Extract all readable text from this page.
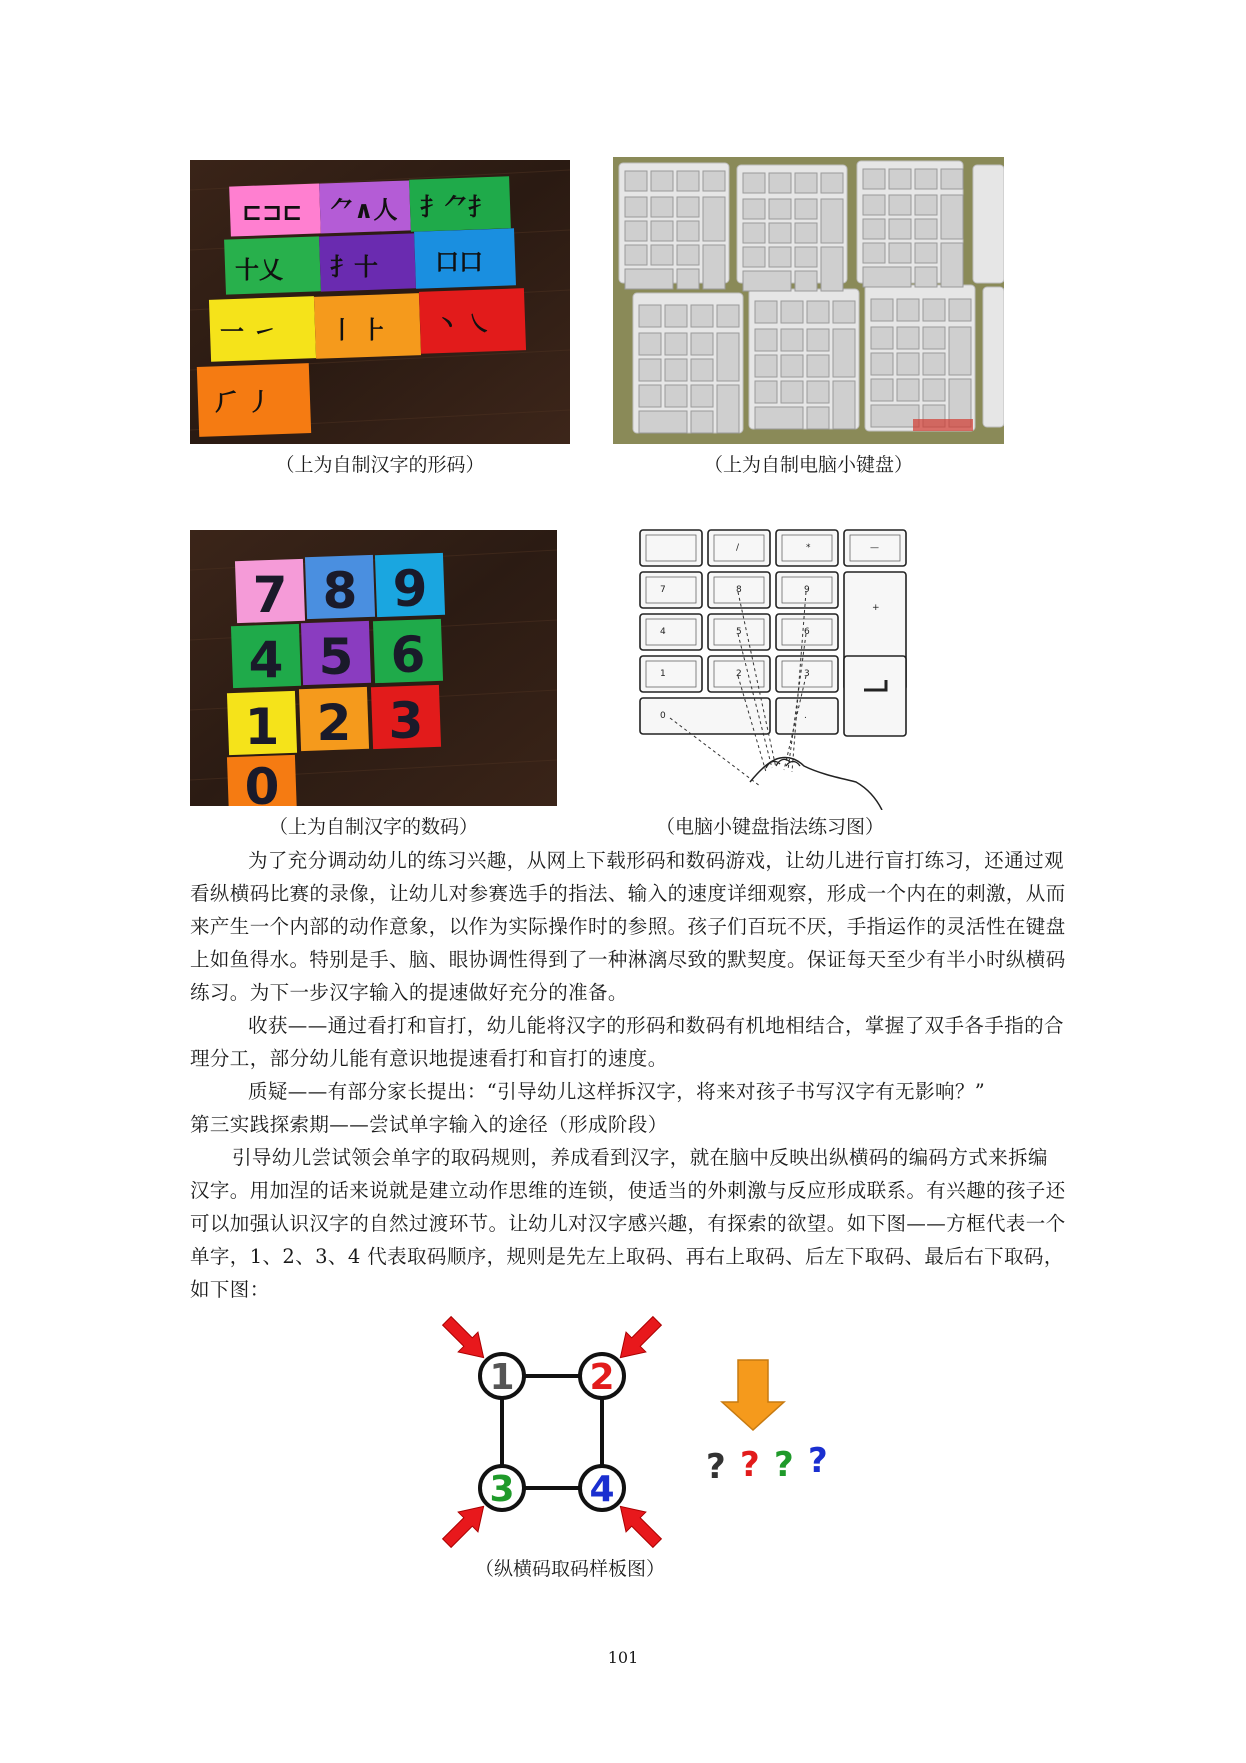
⊏⊐⊏ ⺈∧人 ⺘⺈⺘
十乂 ⺘十 口口
一 ㇀ 丨 ⺊ 丶 ㇏
⺁ 丿
（上为自制汉字的形码）	（上为自制电脑小键盘）
7 8 9
4 5 6
1 2 3
0
（上为自制汉字的数码）
/	*	—
7	8	9
+
4	5	6
1	2	3
0	.
（电脑小键盘指法练习图）

为了充分调动幼儿的练习兴趣，从网上下载形码和数码游戏，让幼儿进行盲打练习，还通过观看纵横码比赛的录像，让幼儿对参赛选手的指法、输入的速度详细观察，形成一个内在的刺激，从而来产生一个内部的动作意象，以作为实际操作时的参照。孩子们百玩不厌，手指运作的灵活性在键盘上如鱼得水。特别是手、脑、眼协调性得到了一种淋漓尽致的默契度。保证每天至少有半小时纵横码练习。为下一步汉字输入的提速做好充分的准备。

收获——通过看打和盲打，幼儿能将汉字的形码和数码有机地相结合，掌握了双手各手指的合理分工，部分幼儿能有意识地提速看打和盲打的速度。

质疑——有部分家长提出：“引导幼儿这样拆汉字，将来对孩子书写汉字有无影响？”

第三实践探索期——尝试单字输入的途径（形成阶段）

引导幼儿尝试领会单字的取码规则，养成看到汉字，就在脑中反映出纵横码的编码方式来拆编汉字。用加涅的话来说就是建立动作思维的连锁，使适当的外刺激与反应形成联系。有兴趣的孩子还可以加强认识汉字的自然过渡环节。让幼儿对汉字感兴趣，有探索的欲望。如下图——方框代表一个单字，1、2、3、4 代表取码顺序，规则是先左上取码、再右上取码、后左下取码、最后右下取码，如下图：

1 2
3 4
? ? ? ?
（纵横码取码样板图）
101
